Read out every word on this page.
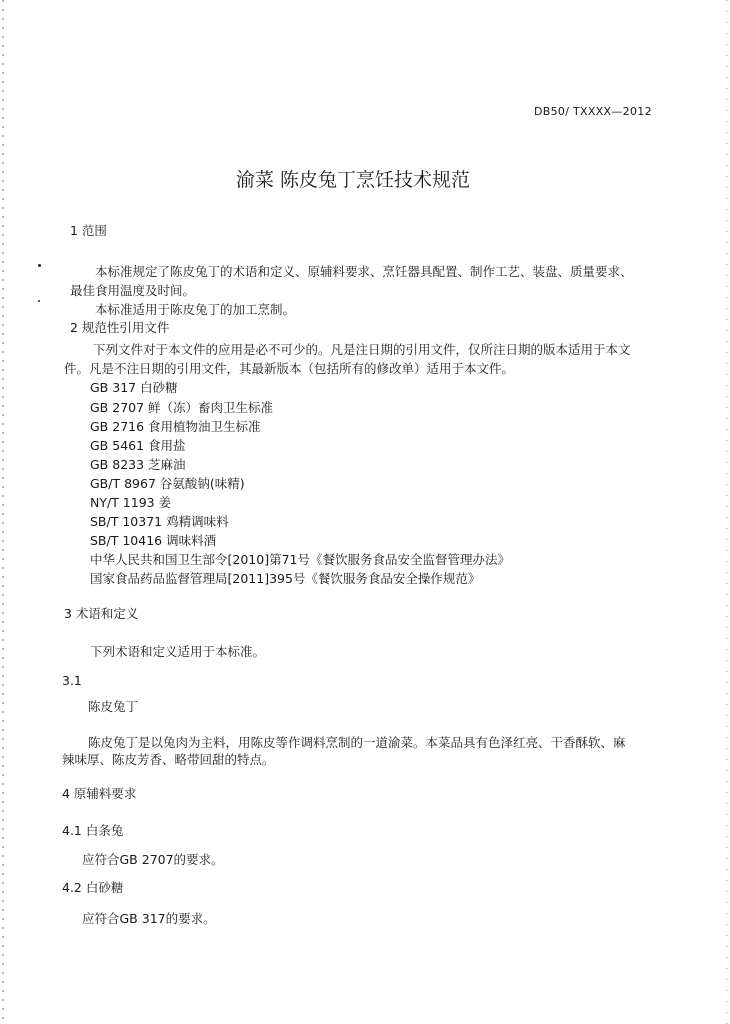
DB50/ TXXXX—2012
渝菜 陈皮兔丁烹饪技术规范
1 范围
本标准规定了陈皮兔丁的术语和定义、原辅料要求、烹饪器具配置、制作工艺、装盘、质量要求、
最佳食用温度及时间。
本标准适用于陈皮兔丁的加工烹制。
2 规范性引用文件
下列文件对于本文件的应用是必不可少的。凡是注日期的引用文件，仅所注日期的版本适用于本文
件。凡是不注日期的引用文件，其最新版本（包括所有的修改单）适用于本文件。
GB 317 白砂糖
GB 2707 鲜（冻）畜肉卫生标准
GB 2716 食用植物油卫生标准
GB 5461 食用盐
GB 8233 芝麻油
GB/T 8967 谷氨酸钠(味精)
NY/T 1193 姜
SB/T 10371 鸡精调味料
SB/T 10416 调味料酒
中华人民共和国卫生部令[2010]第71号《餐饮服务食品安全监督管理办法》
国家食品药品监督管理局[2011]395号《餐饮服务食品安全操作规范》
3 术语和定义
下列术语和定义适用于本标准。
3.1
陈皮兔丁
陈皮兔丁是以兔肉为主料，用陈皮等作调料烹制的一道渝菜。本菜品具有色泽红亮、干香酥软、麻
辣味厚、陈皮芳香、略带回甜的特点。
4 原辅料要求
4.1 白条兔
应符合GB 2707的要求。
4.2 白砂糖
应符合GB 317的要求。
